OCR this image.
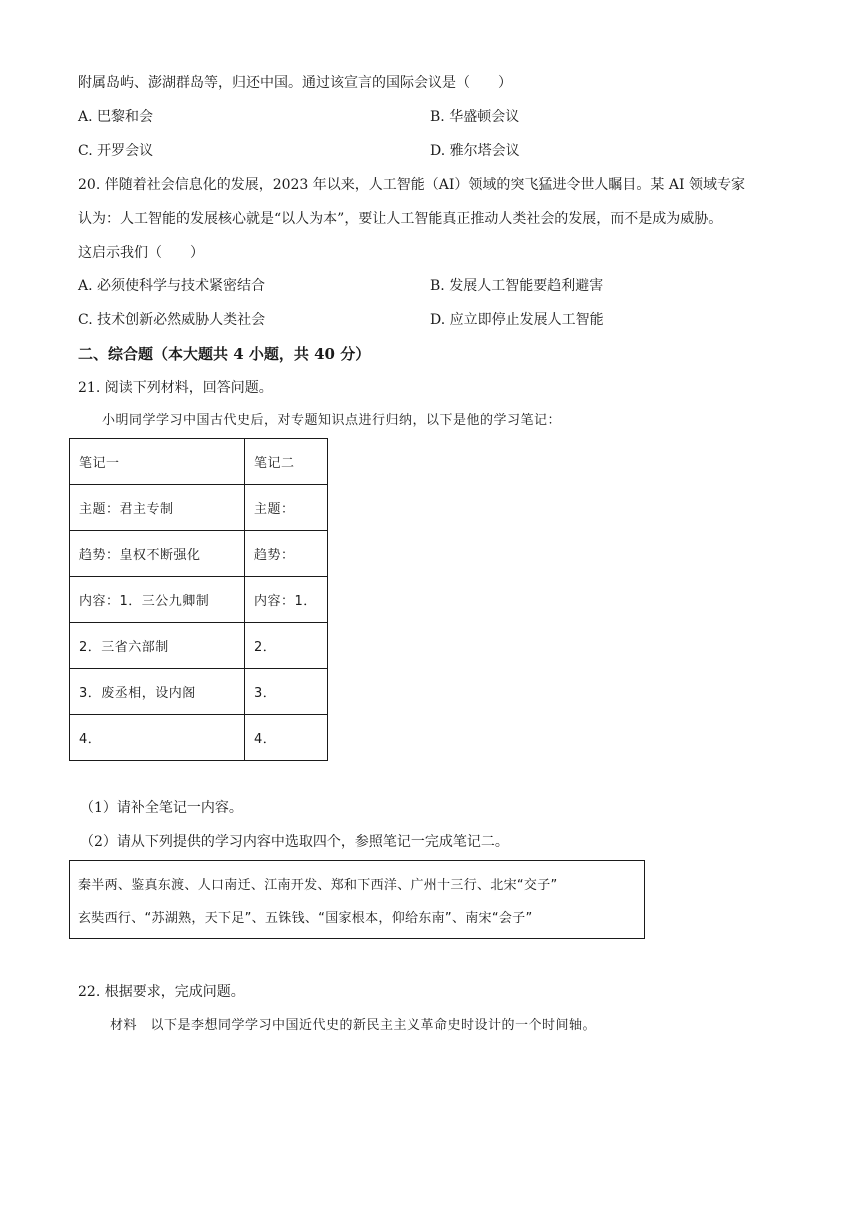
附属岛屿、澎湖群岛等，归还中国。通过该宣言的国际会议是（　　）
A. 巴黎和会	B. 华盛顿会议
C. 开罗会议	D. 雅尔塔会议
20. 伴随着社会信息化的发展，2023 年以来，人工智能（AI）领域的突飞猛进令世人瞩目。某 AI 领域专家
认为：人工智能的发展核心就是“以人为本”，要让人工智能真正推动人类社会的发展，而不是成为威胁。
这启示我们（　　）
A. 必须使科学与技术紧密结合	B. 发展人工智能要趋利避害
C. 技术创新必然威胁人类社会	D. 应立即停止发展人工智能
二、综合题（本大题共 4 小题，共 40 分）
21. 阅读下列材料，回答问题。
小明同学学习中国古代史后，对专题知识点进行归纳，以下是他的学习笔记：
笔记一	笔记二
主题：君主专制	主题：
趋势：皇权不断强化	趋势：
内容：1．三公九卿制	内容：1．
2．三省六部制	2．
3．废丞相，设内阁	3．
4．	4．
（1）请补全笔记一内容。
（2）请从下列提供的学习内容中选取四个，参照笔记一完成笔记二。
秦半两、鉴真东渡、人口南迁、江南开发、郑和下西洋、广州十三行、北宋“交子”
玄奘西行、“苏湖熟，天下足”、五铢钱、“国家根本，仰给东南”、南宋“会子”
22. 根据要求，完成问题。
材料　以下是李想同学学习中国近代史的新民主主义革命史时设计的一个时间轴。
